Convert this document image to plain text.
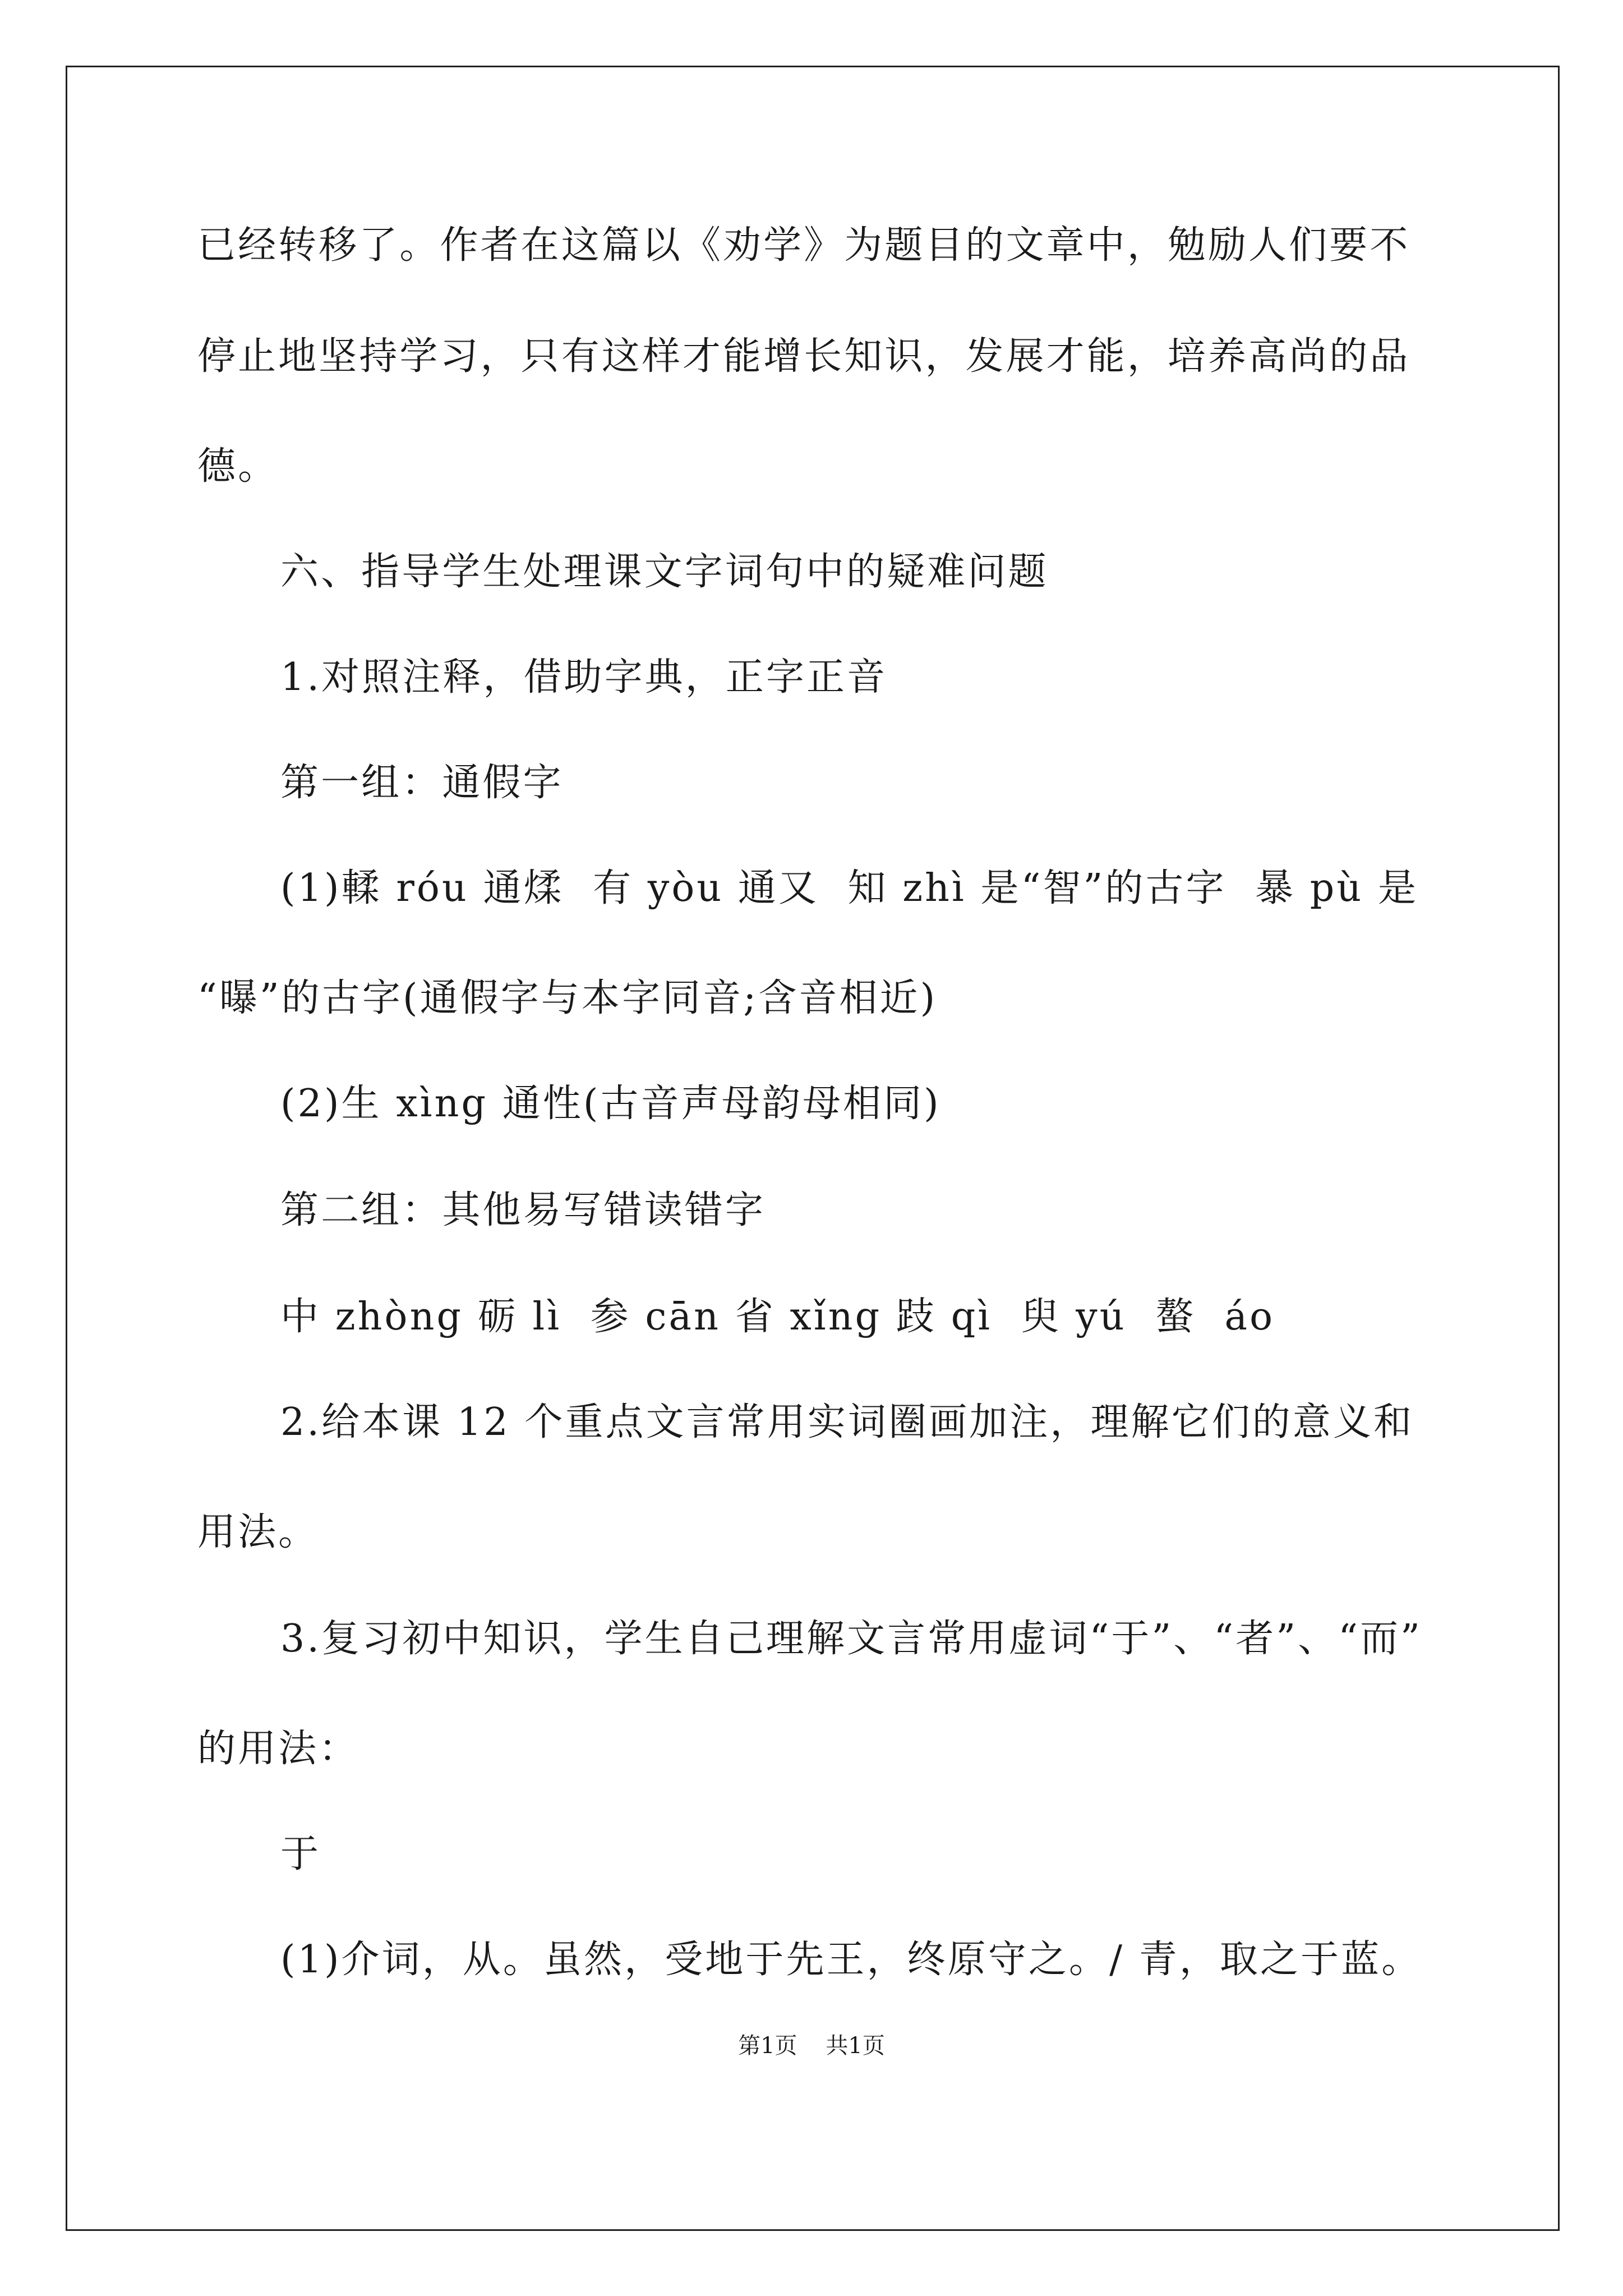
已经转移了。作者在这篇以《劝学》为题目的文章中，勉励人们要不
停止地坚持学习，只有这样才能增长知识，发展才能，培养高尚的品
德。
六、指导学生处理课文字词句中的疑难问题
1.对照注释，借助字典，正字正音
第一组：通假字
(1)輮 róu 通煣  有 yòu 通又  知 zhì 是“智”的古字  暴 pù 是
“曝”的古字(通假字与本字同音;含音相近)
(2)生 xìng 通性(古音声母韵母相同)
第二组：其他易写错读错字
中 zhòng 砺 lì  参 cān 省 xǐng 跂 qì  臾 yú  螯  áo
2.给本课 12 个重点文言常用实词圈画加注，理解它们的意义和
用法。
3.复习初中知识，学生自己理解文言常用虚词“于”、“者”、“而”
的用法：
于
(1)介词，从。虽然，受地于先王，终原守之。/ 青，取之于蓝。
第1页    共1页
